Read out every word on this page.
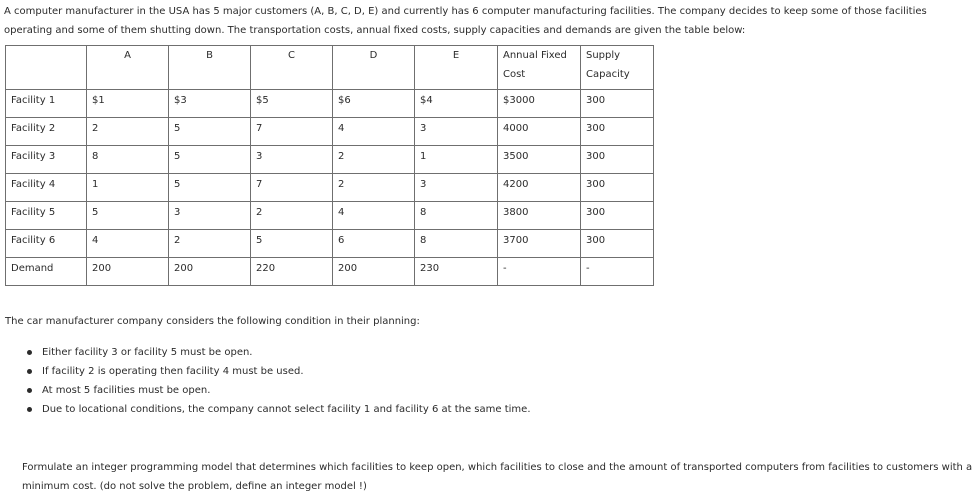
A computer manufacturer in the USA has 5 major customers (A, B, C, D, E) and currently has 6 computer manufacturing facilities. The company decides to keep some of those facilities operating and some of them shutting down. The transportation costs, annual fixed costs, supply capacities and demands are given the table below:
	A	B	C	D	E	Annual Fixed Cost	Supply Capacity
Facility 1	$1	$3	$5	$6	$4	$3000	300
Facility 2	2	5	7	4	3	4000	300
Facility 3	8	5	3	2	1	3500	300
Facility 4	1	5	7	2	3	4200	300
Facility 5	5	3	2	4	8	3800	300
Facility 6	4	2	5	6	8	3700	300
Demand	200	200	220	200	230	-	-
The car manufacturer company considers the following condition in their planning:
Either facility 3 or facility 5 must be open.
If facility 2 is operating then facility 4 must be used.
At most 5 facilities must be open.
Due to locational conditions, the company cannot select facility 1 and facility 6 at the same time.
Formulate an integer programming model that determines which facilities to keep open, which facilities to close and the amount of transported computers from facilities to customers with a minimum cost. (do not solve the problem, define an integer model !)
